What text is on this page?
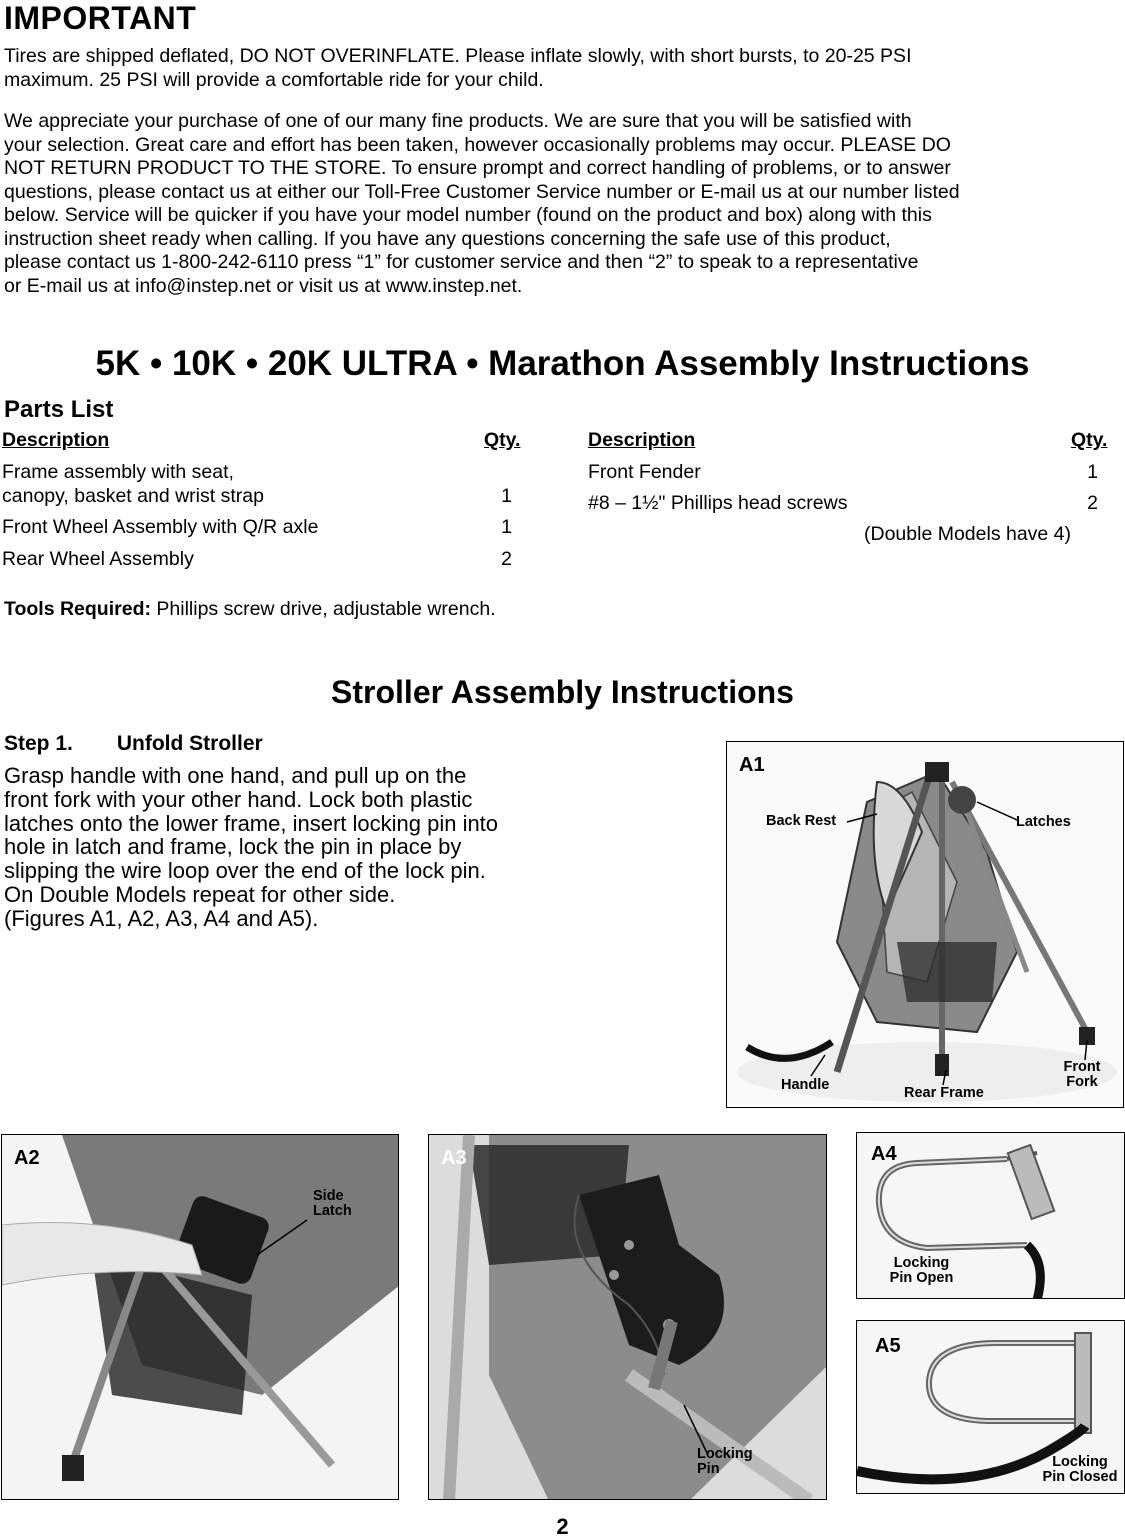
IMPORTANT
Tires are shipped deflated, DO NOT OVERINFLATE. Please inflate slowly, with short bursts, to 20-25 PSI
maximum. 25 PSI will provide a comfortable ride for your child.
We appreciate your purchase of one of our many fine products. We are sure that you will be satisfied with
your selection. Great care and effort has been taken, however occasionally problems may occur. PLEASE DO
NOT RETURN PRODUCT TO THE STORE. To ensure prompt and correct handling of problems, or to answer
questions, please contact us at either our Toll-Free Customer Service number or E-mail us at our number listed
below. Service will be quicker if you have your model number (found on the product and box) along with this
instruction sheet ready when calling. If you have any questions concerning the safe use of this product,
please contact us 1-800-242-6110 press “1” for customer service and then “2” to speak to a representative
or E-mail us at info@instep.net or visit us at www.instep.net.
5K • 10K • 20K ULTRA • Marathon Assembly Instructions
Parts List
Description	Qty.	Description	Qty.
Frame assembly with seat,
canopy, basket and wrist strap	1
Front Wheel Assembly with Q/R axle	1
Rear Wheel Assembly	2
Front Fender	1
#8 – 1½" Phillips head screws	2
(Double Models have 4)
Tools Required: Phillips screw drive, adjustable wrench.
Stroller Assembly Instructions
Step 1. Unfold Stroller
Grasp handle with one hand, and pull up on the
front fork with your other hand. Lock both plastic
latches onto the lower frame, insert locking pin into
hole in latch and frame, lock the pin in place by
slipping the wire loop over the end of the lock pin.
On Double Models repeat for other side.
(Figures A1, A2, A3, A4 and A5).
A1
Back Rest	Latches
Handle	Rear Frame
Front
Fork
A2
Side
Latch
A3
Locking
Pin
A4
Locking
Pin Open
A5
Locking
Pin Closed
2
